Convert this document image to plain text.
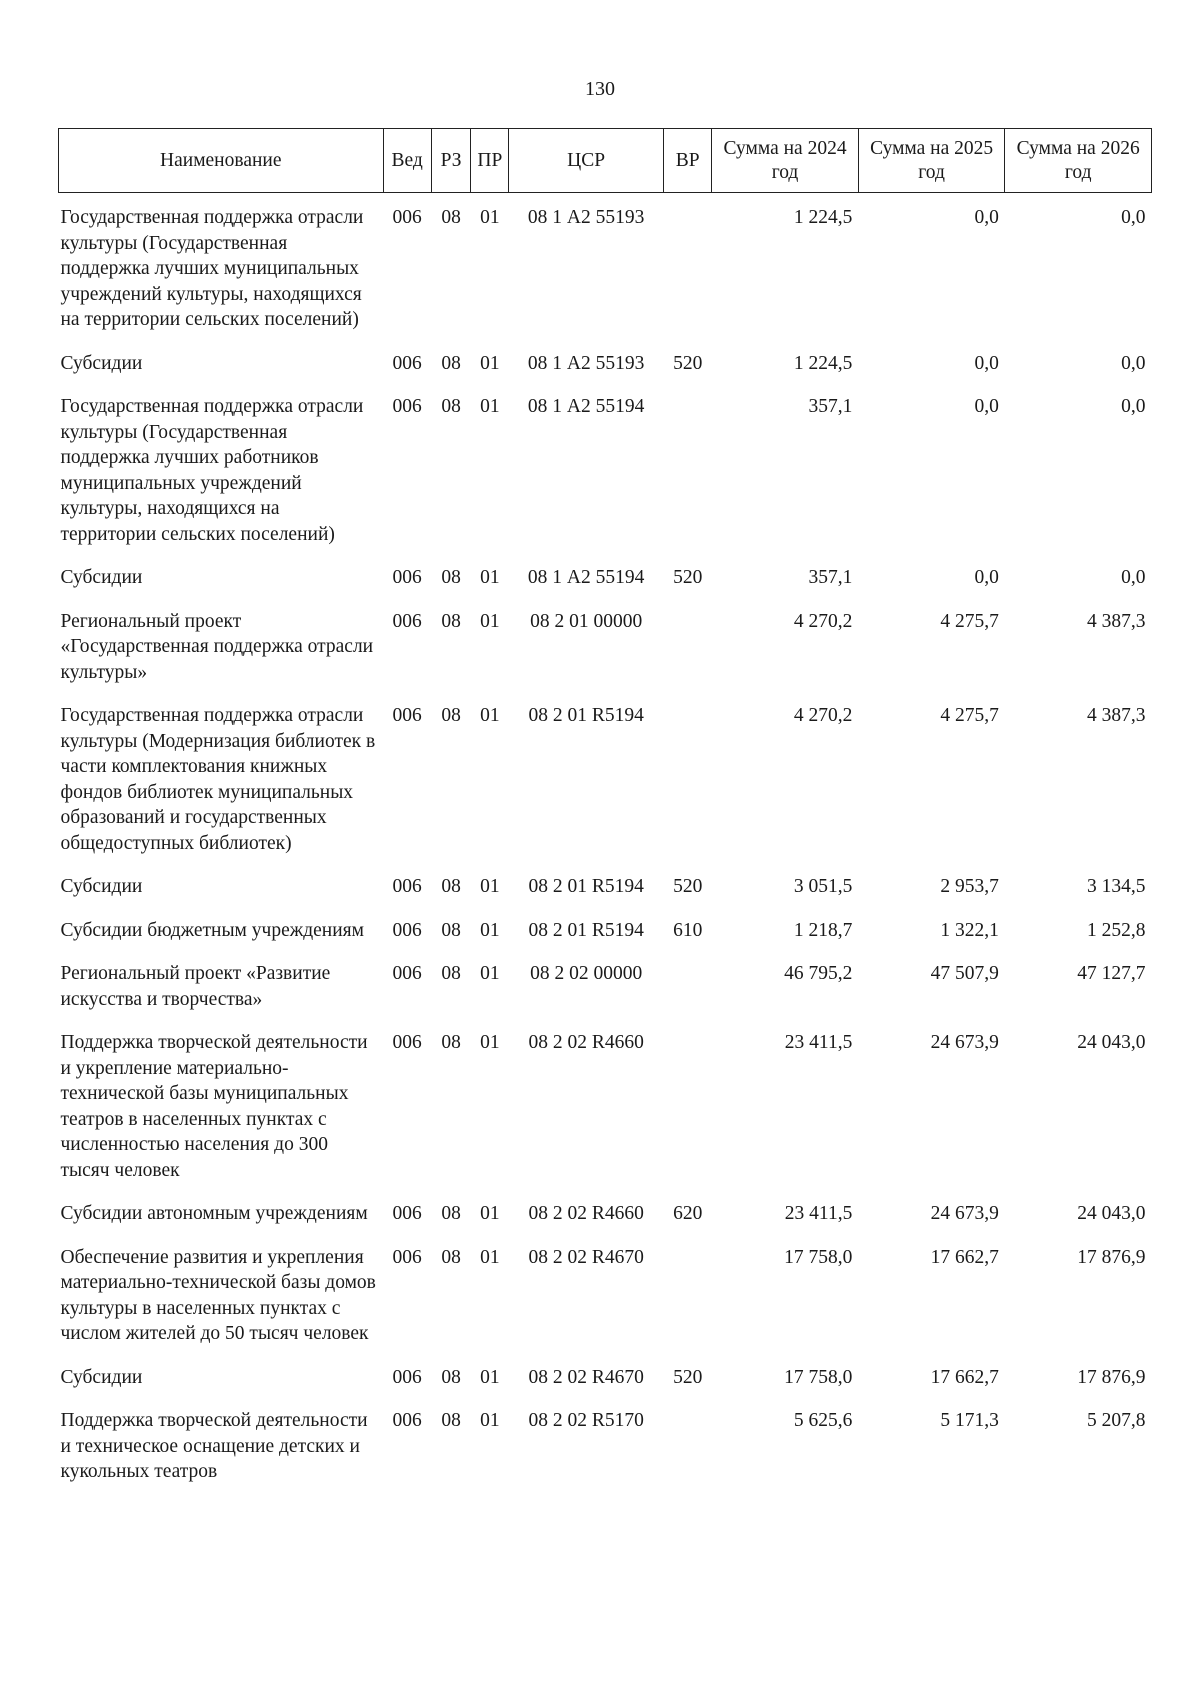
130
Наименование	Вед	РЗ	ПР	ЦСР	ВР	Сумма на 2024 год	Сумма на 2025 год	Сумма на 2026 год
Государственная поддержка отрасли культуры (Государственная поддержка лучших муниципальных учреждений культуры, находящихся на территории сельских поселений)	006	08	01	08 1 А2 55193		1 224,5	0,0	0,0
Субсидии	006	08	01	08 1 А2 55193	520	1 224,5	0,0	0,0
Государственная поддержка отрасли культуры (Государственная поддержка лучших работников муниципальных учреждений культуры, находящихся на территории сельских поселений)	006	08	01	08 1 А2 55194		357,1	0,0	0,0
Субсидии	006	08	01	08 1 А2 55194	520	357,1	0,0	0,0
Региональный проект «Государственная поддержка отрасли культуры»	006	08	01	08 2 01 00000		4 270,2	4 275,7	4 387,3
Государственная поддержка отрасли культуры (Модернизация библиотек в части комплектования книжных фондов библиотек муниципальных образований и государственных общедоступных библиотек)	006	08	01	08 2 01 R5194		4 270,2	4 275,7	4 387,3
Субсидии	006	08	01	08 2 01 R5194	520	3 051,5	2 953,7	3 134,5
Субсидии бюджетным учреждениям	006	08	01	08 2 01 R5194	610	1 218,7	1 322,1	1 252,8
Региональный проект «Развитие искусства и творчества»	006	08	01	08 2 02 00000		46 795,2	47 507,9	47 127,7
Поддержка творческой деятельности и укрепление материально-технической базы муниципальных театров в населенных пунктах с численностью населения до 300 тысяч человек	006	08	01	08 2 02 R4660		23 411,5	24 673,9	24 043,0
Субсидии автономным учреждениям	006	08	01	08 2 02 R4660	620	23 411,5	24 673,9	24 043,0
Обеспечение развития и укрепления материально-технической базы домов культуры в населенных пунктах с числом жителей до 50 тысяч человек	006	08	01	08 2 02 R4670		17 758,0	17 662,7	17 876,9
Субсидии	006	08	01	08 2 02 R4670	520	17 758,0	17 662,7	17 876,9
Поддержка творческой деятельности и техническое оснащение детских и кукольных театров	006	08	01	08 2 02 R5170		5 625,6	5 171,3	5 207,8
